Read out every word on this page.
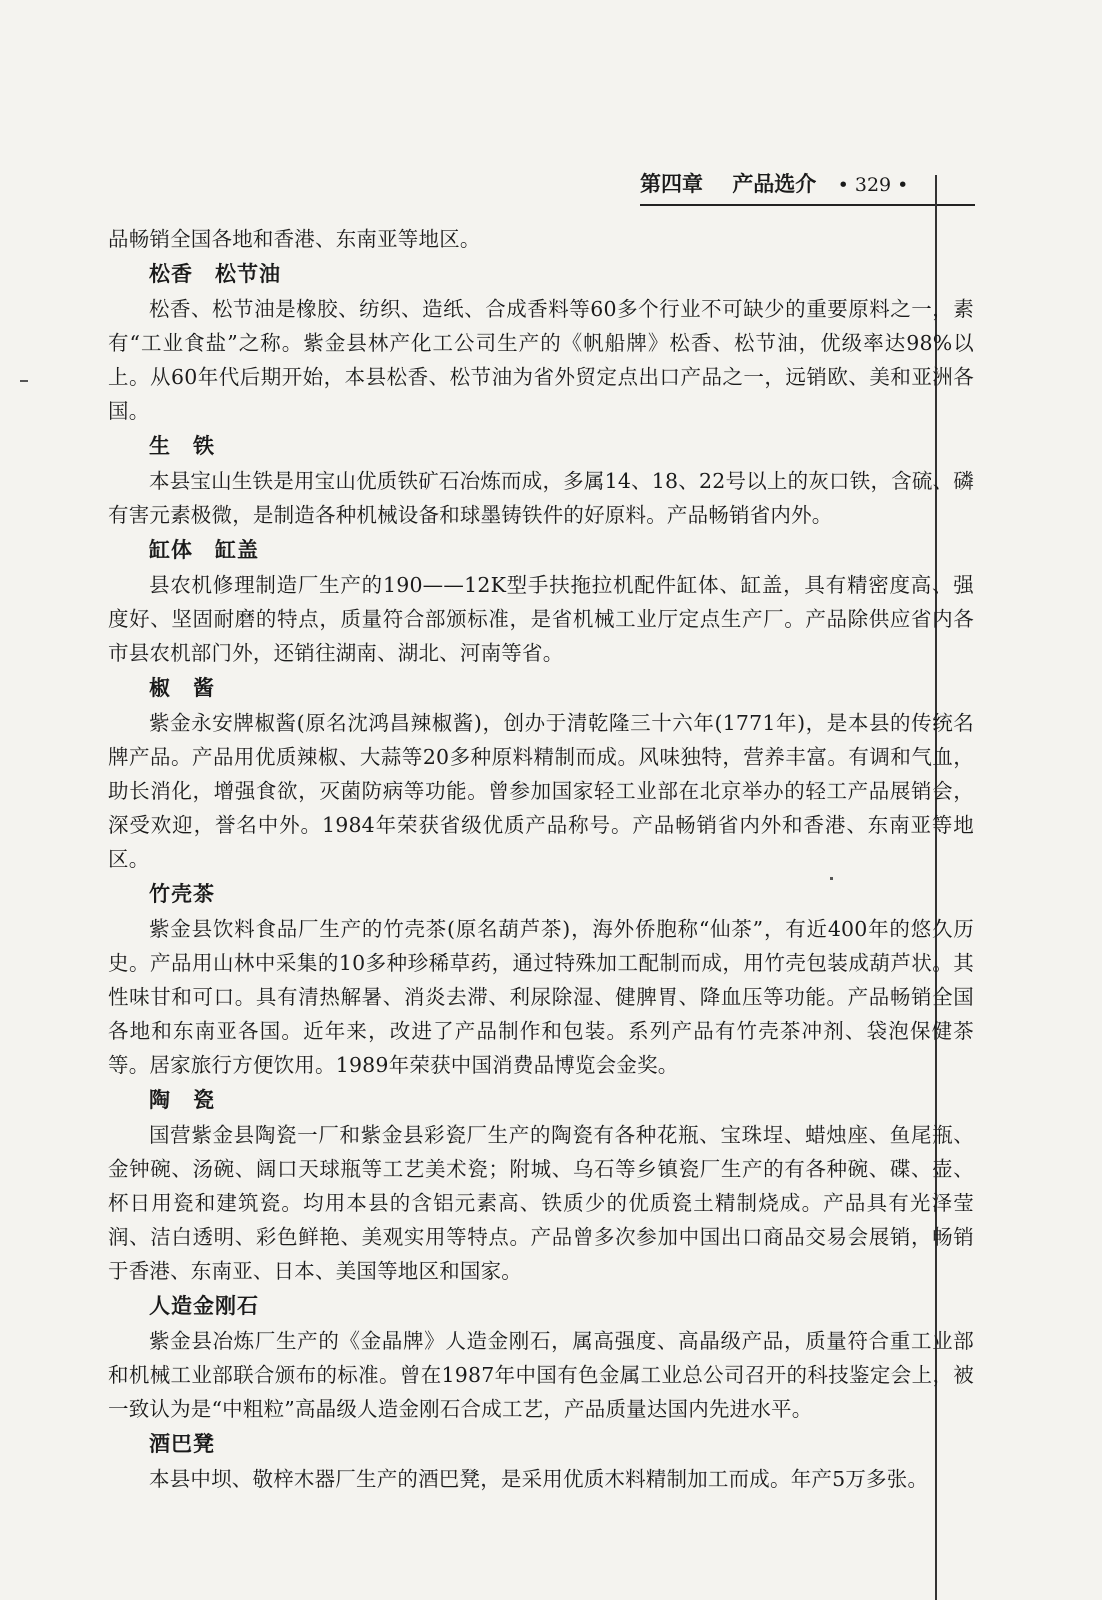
第四章 产品选介 • 329 •

品畅销全国各地和香港、东南亚等地区。

松香　松节油

松香、松节油是橡胶、纺织、造纸、合成香料等60多个行业不可缺少的重要原料之一，素有“工业食盐”之称。紫金县林产化工公司生产的《帆船牌》松香、松节油，优级率达98%以上。从60年代后期开始，本县松香、松节油为省外贸定点出口产品之一，远销欧、美和亚洲各国。

生　铁

本县宝山生铁是用宝山优质铁矿石冶炼而成，多属14、18、22号以上的灰口铁，含硫、磷有害元素极微，是制造各种机械设备和球墨铸铁件的好原料。产品畅销省内外。

缸体　缸盖

县农机修理制造厂生产的190——12K型手扶拖拉机配件缸体、缸盖，具有精密度高、强度好、坚固耐磨的特点，质量符合部颁标准，是省机械工业厅定点生产厂。产品除供应省内各市县农机部门外，还销往湖南、湖北、河南等省。

椒　酱

紫金永安牌椒酱(原名沈鸿昌辣椒酱)，创办于清乾隆三十六年(1771年)，是本县的传统名牌产品。产品用优质辣椒、大蒜等20多种原料精制而成。风味独特，营养丰富。有调和气血，助长消化，增强食欲，灭菌防病等功能。曾参加国家轻工业部在北京举办的轻工产品展销会，深受欢迎，誉名中外。1984年荣获省级优质产品称号。产品畅销省内外和香港、东南亚等地区。

竹壳茶

紫金县饮料食品厂生产的竹壳茶(原名葫芦茶)，海外侨胞称“仙茶”，有近400年的悠久历史。产品用山林中采集的10多种珍稀草药，通过特殊加工配制而成，用竹壳包装成葫芦状。其性味甘和可口。具有清热解暑、消炎去滞、利尿除湿、健脾胃、降血压等功能。产品畅销全国各地和东南亚各国。近年来，改进了产品制作和包装。系列产品有竹壳茶冲剂、袋泡保健茶等。居家旅行方便饮用。1989年荣获中国消费品博览会金奖。

陶　瓷

国营紫金县陶瓷一厂和紫金县彩瓷厂生产的陶瓷有各种花瓶、宝珠埕、蜡烛座、鱼尾瓶、金钟碗、汤碗、阔口天球瓶等工艺美术瓷；附城、乌石等乡镇瓷厂生产的有各种碗、碟、壶、杯日用瓷和建筑瓷。均用本县的含铝元素高、铁质少的优质瓷土精制烧成。产品具有光泽莹润、洁白透明、彩色鲜艳、美观实用等特点。产品曾多次参加中国出口商品交易会展销，畅销于香港、东南亚、日本、美国等地区和国家。

人造金刚石

紫金县冶炼厂生产的《金晶牌》人造金刚石，属高强度、高晶级产品，质量符合重工业部和机械工业部联合颁布的标准。曾在1987年中国有色金属工业总公司召开的科技鉴定会上，被一致认为是“中粗粒”高晶级人造金刚石合成工艺，产品质量达国内先进水平。

酒巴凳

本县中坝、敬梓木器厂生产的酒巴凳，是采用优质木料精制加工而成。年产5万多张。
